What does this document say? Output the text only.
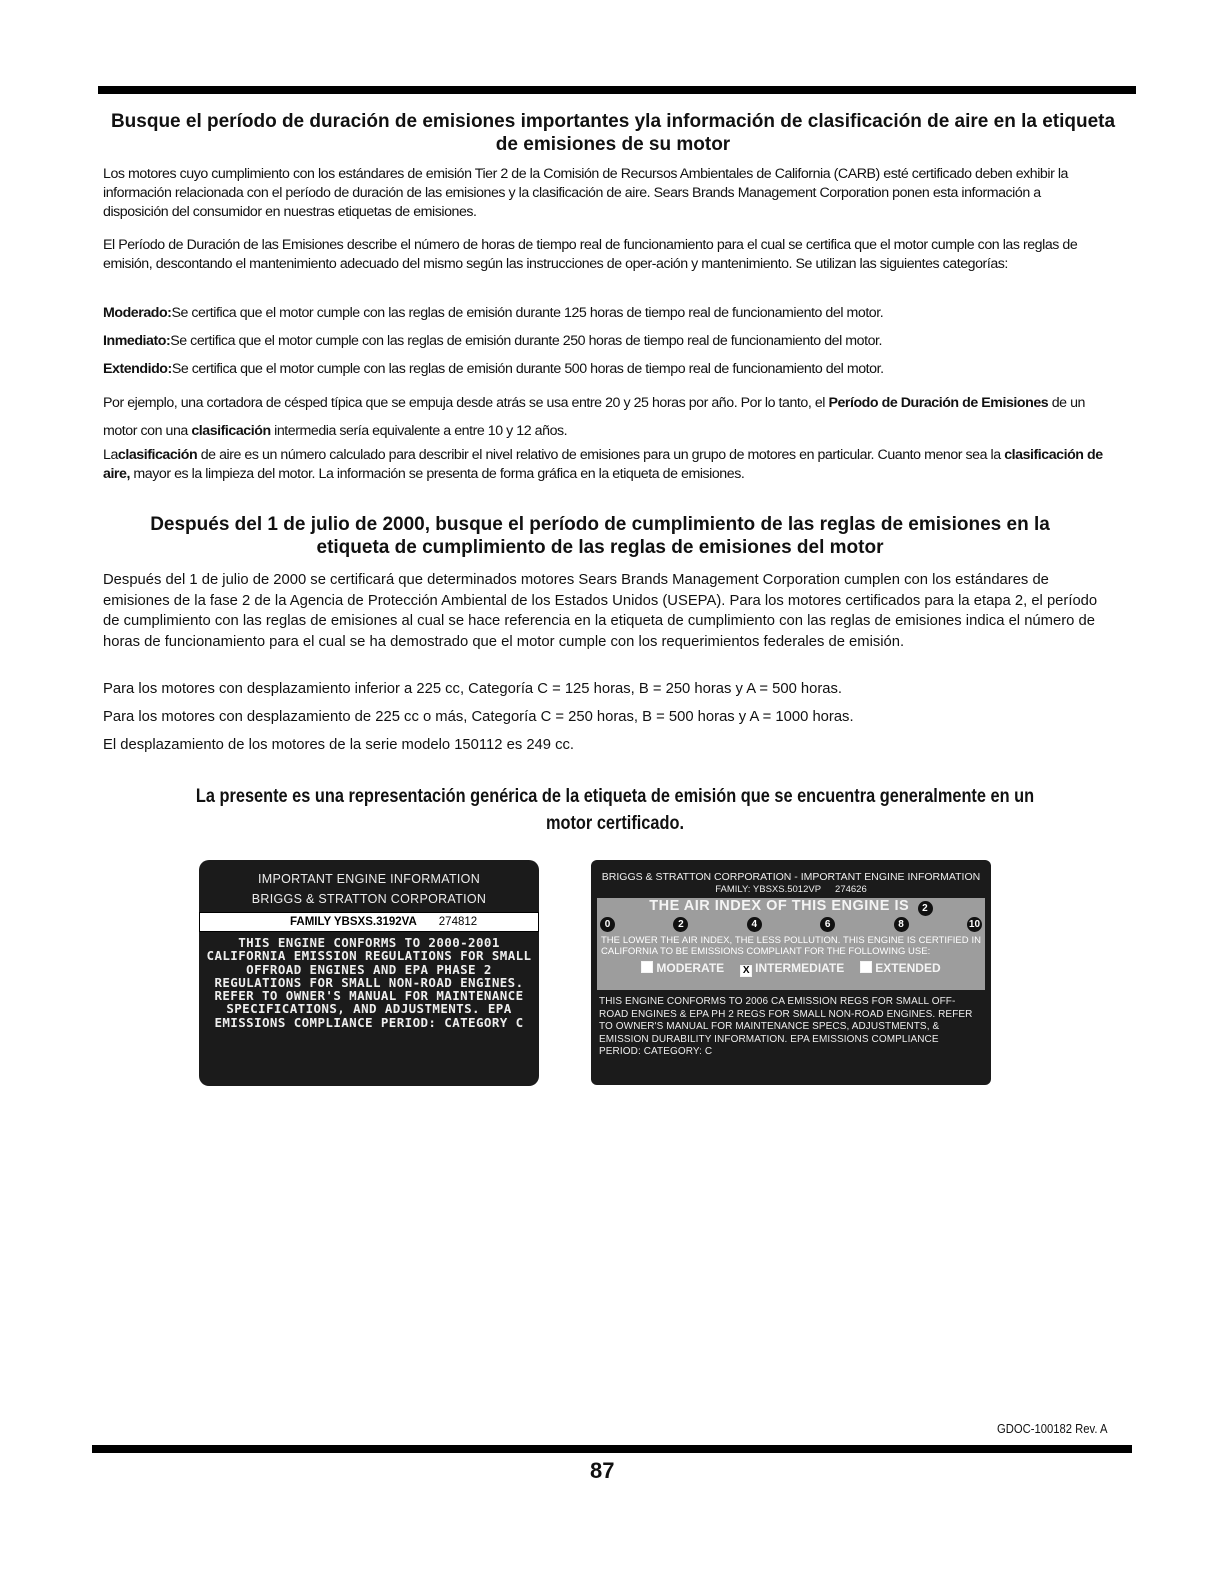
Busque el período de duración de emisiones importantes yla información de clasificación de aire en la etiqueta de emisiones de su motor
Los motores cuyo cumplimiento con los estándares de emisión Tier 2 de la Comisión de Recursos Ambientales de California (CARB) esté certificado deben exhibir la información relacionada con el período de duración de las emisiones y la clasificación de aire. Sears Brands Management Corporation ponen esta información a disposición del consumidor en nuestras etiquetas de emisiones.
El Período de Duración de las Emisiones describe el número de horas de tiempo real de funcionamiento para el cual se certifica que el motor cumple con las reglas de emisión, descontando el mantenimiento adecuado del mismo según las instrucciones de oper-ación y mantenimiento. Se utilizan las siguientes categorías:
Moderado:Se certifica que el motor cumple con las reglas de emisión durante 125 horas de tiempo real de funcionamiento del motor.
Inmediato:Se certifica que el motor cumple con las reglas de emisión durante 250 horas de tiempo real de funcionamiento del motor.
Extendido:Se certifica que el motor cumple con las reglas de emisión durante 500 horas de tiempo real de funcionamiento del motor.
Por ejemplo, una cortadora de césped típica que se empuja desde atrás se usa entre 20 y 25 horas por año. Por lo tanto, el Período de Duración de Emisiones de un motor con una clasificación intermedia sería equivalente a entre 10 y 12 años.
Laclasificación de aire es un número calculado para describir el nivel relativo de emisiones para un grupo de motores en particular. Cuanto menor sea la clasificación de aire, mayor es la limpieza del motor. La información se presenta de forma gráfica en la etiqueta de emisiones.
Después del 1 de julio de 2000, busque el período de cumplimiento de las reglas de emisiones en la etiqueta de cumplimiento de las reglas de emisiones del motor
Después del 1 de julio de 2000 se certificará que determinados motores Sears Brands Management Corporation cumplen con los estándares de emisiones de la fase 2 de la Agencia de Protección Ambiental de los Estados Unidos (USEPA). Para los motores certificados para la etapa 2, el período de cumplimiento con las reglas de emisiones al cual se hace referencia en la etiqueta de cumplimiento con las reglas de emisiones indica el número de horas de funcionamiento para el cual se ha demostrado que el motor cumple con los requerimientos federales de emisión.
Para los motores con desplazamiento inferior a 225 cc, Categoría C = 125 horas, B = 250 horas y A = 500 horas.
Para los motores con desplazamiento de 225 cc o más, Categoría C = 250 horas, B = 500 horas y A = 1000 horas.
El desplazamiento de los motores de la serie modelo 150112 es 249 cc.
La presente es una representación genérica de la etiqueta de emisión que se encuentra generalmente en un motor certificado.
IMPORTANT ENGINE INFORMATION
BRIGGS & STRATTON CORPORATION
FAMILY YBSXS.3192VA 274812
THIS ENGINE CONFORMS TO 2000-2001 CALIFORNIA EMISSION REGULATIONS FOR SMALL OFFROAD ENGINES AND EPA PHASE 2 REGULATIONS FOR SMALL NON-ROAD ENGINES. REFER TO OWNER'S MANUAL FOR MAINTENANCE SPECIFICATIONS, AND ADJUSTMENTS. EPA EMISSIONS COMPLIANCE PERIOD: CATEGORY C
BRIGGS & STRATTON CORPORATION - IMPORTANT ENGINE INFORMATION
FAMILY: YBSXS.5012VP 274626
THE AIR INDEX OF THIS ENGINE IS 2
0	2	4	6	8	10
THE LOWER THE AIR INDEX, THE LESS POLLUTION. THIS ENGINE IS CERTIFIED IN CALIFORNIA TO BE EMISSIONS COMPLIANT FOR THE FOLLOWING USE:
MODERATE X INTERMEDIATE	EXTENDED
THIS ENGINE CONFORMS TO 2006 CA EMISSION REGS FOR SMALL OFF-ROAD ENGINES & EPA PH 2 REGS FOR SMALL NON-ROAD ENGINES. REFER TO OWNER'S MANUAL FOR MAINTENANCE SPECS, ADJUSTMENTS, & EMISSION DURABILITY INFORMATION. EPA EMISSIONS COMPLIANCE PERIOD: CATEGORY: C
GDOC-100182 Rev. A
87
